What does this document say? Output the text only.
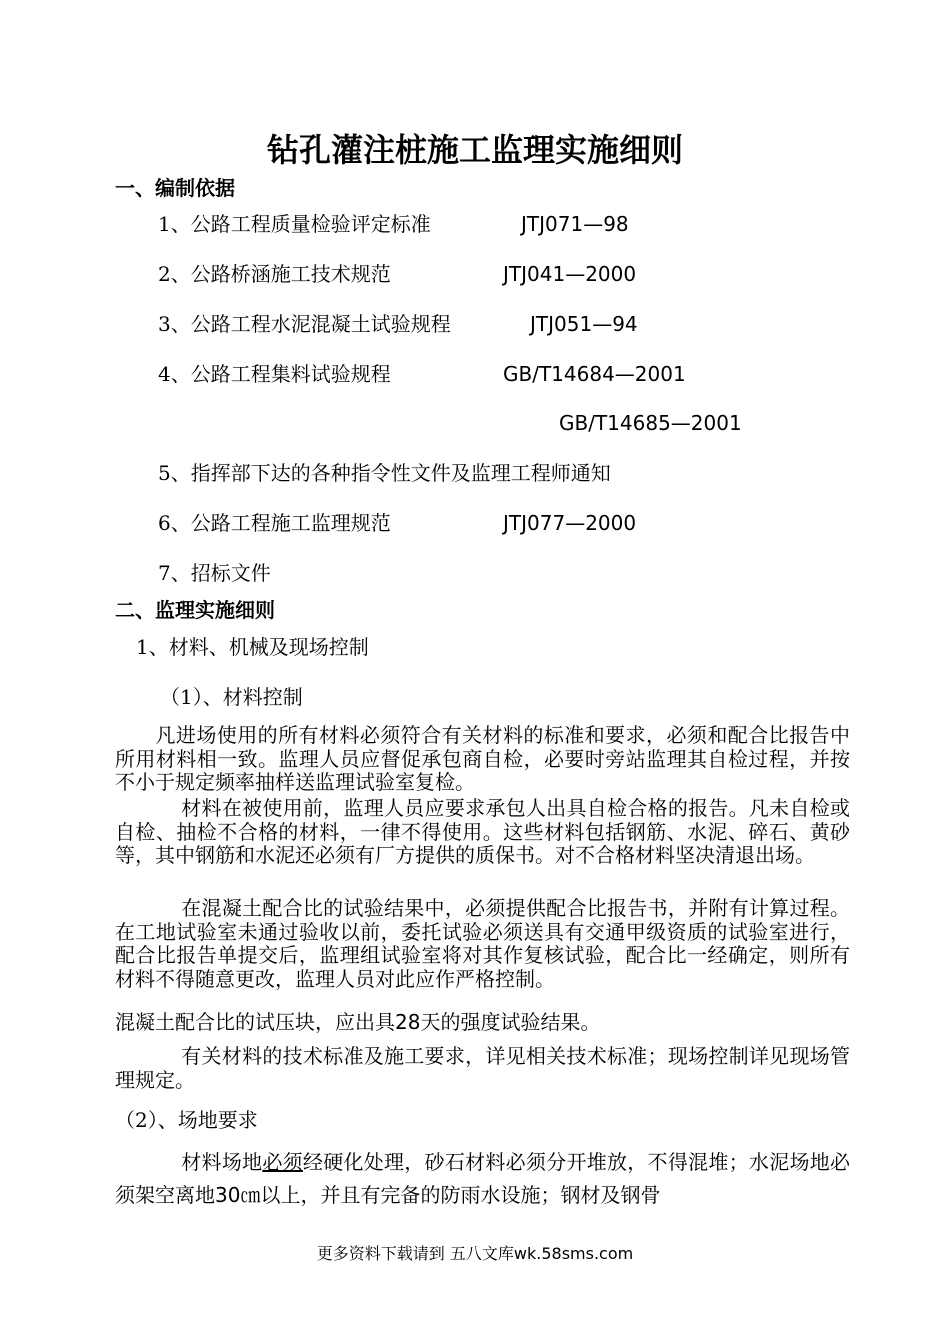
钻孔灌注桩施工监理实施细则
一、编制依据
1、公路工程质量检验评定标准	JTJ071—98
2、公路桥涵施工技术规范	JTJ041—2000
3、公路工程水泥混凝土试验规程	JTJ051—94
4、公路工程集料试验规程	GB/T14684—2001
GB/T14685—2001
5、指挥部下达的各种指令性文件及监理工程师通知
6、公路工程施工监理规范	JTJ077—2000
7、招标文件
二、监理实施细则
1、材料、机械及现场控制
（1）、材料控制
凡进场使用的所有材料必须符合有关材料的标准和要求，必须和配合比报告中所用材料相一致。监理人员应督促承包商自检，必要时旁站监理其自检过程，并按不小于规定频率抽样送监理试验室复检。
材料在被使用前，监理人员应要求承包人出具自检合格的报告。凡未自检或自检、抽检不合格的材料，一律不得使用。这些材料包括钢筋、水泥、碎石、黄砂等，其中钢筋和水泥还必须有厂方提供的质保书。对不合格材料坚决清退出场。
在混凝土配合比的试验结果中，必须提供配合比报告书，并附有计算过程。在工地试验室未通过验收以前，委托试验必须送具有交通甲级资质的试验室进行，配合比报告单提交后，监理组试验室将对其作复核试验，配合比一经确定，则所有材料不得随意更改，监理人员对此应作严格控制。
混凝土配合比的试压块，应出具28天的强度试验结果。
有关材料的技术标准及施工要求，详见相关技术标准；现场控制详见现场管理规定。
（2）、场地要求
材料场地必须经硬化处理，砂石材料必须分开堆放，不得混堆；水泥场地必须架空离地30㎝以上，并且有完备的防雨水设施；钢材及钢骨
更多资料下载请到 五八文库wk.58sms.com
